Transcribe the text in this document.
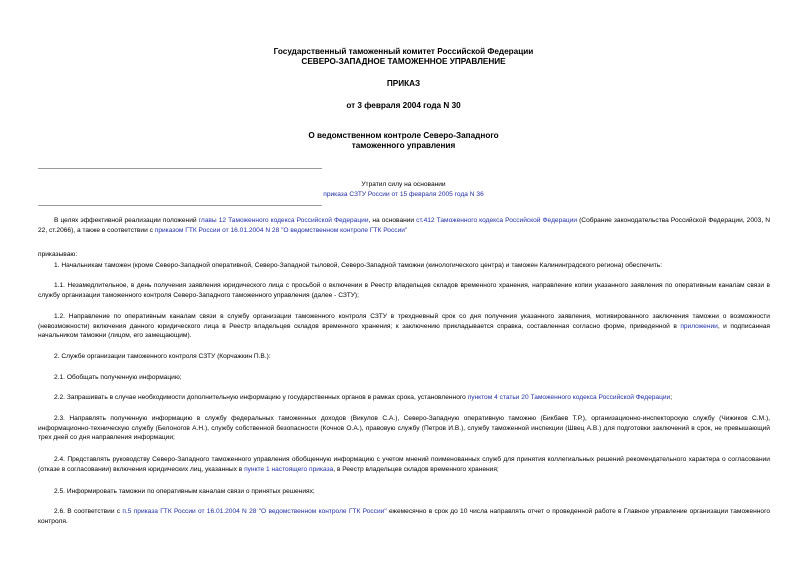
Государственный таможенный комитет Российской Федерации
СЕВЕРО-ЗАПАДНОЕ ТАМОЖЕННОЕ УПРАВЛЕНИЕ
ПРИКАЗ
от 3 февраля 2004 года N 30
О ведомственном контроле Северо-Западного
таможенного управления
Утратил силу на основании
приказа СЗТУ России от 15 февраля 2005 года N 36

В целях эффективной реализации положений главы 12 Таможенного кодекса Российской Федерации, на основании ст.412 Таможенного кодекса Российской Федерации (Собрание законодательства Российской Федерации, 2003, N 22, ст.2066), а также в соответствии с приказом ГТК России от 16.01.2004 N 28 "О ведомственном контроле ГТК России"

приказываю:

1. Начальникам таможен (кроме Северо-Западной оперативной, Северо-Западной тыловой, Северо-Западной таможни (кинологического центра) и таможен Калининградского региона) обеспечить:

1.1. Незамедлительное, в день получения заявления юридического лица с просьбой о включении в Реестр владельцев складов временного хранения, направление копии указанного заявления по оперативным каналам связи в службу организации таможенного контроля Северо-Западного таможенного управления (далее - СЗТУ);

1.2. Направление по оперативным каналам связи в службу организации таможенного контроля СЗТУ в трехдневный срок со дня получения указанного заявления, мотивированного заключения таможни о возможности (невозможности) включения данного юридического лица в Реестр владельцев складов временного хранения; к заключению прикладывается справка, составленная согласно форме, приведенной в приложении, и подписанная начальником таможни (лицом, его замещающим).

2. Службе организации таможенного контроля СЗТУ (Корчажкин П.В.):

2.1. Обобщать полученную информацию;

2.2. Запрашивать в случае необходимости дополнительную информацию у государственных органов в рамках срока, установленного пунктом 4 статьи 20 Таможенного кодекса Российской Федерации;

2.3. Направлять полученную информацию в службу федеральных таможенных доходов (Викулов С.А.), Северо-Западную оперативную таможню (Бикбаев Т.Р.), организационно-инспекторскую службу (Чижиков С.М.), информационно-техническую службу (Белоногов А.Н.), службу собственной безопасности (Кочнов О.А.), правовую службу (Петров И.В.), службу таможенной инспекции (Швец А.В.) для подготовки заключений в срок, не превышающий трех дней со дня направления информации;

2.4. Представлять руководству Северо-Западного таможенного управления обобщенную информацию с учетом мнений поименованных служб для принятия коллегиальных решений рекомендательного характера о согласовании (отказе в согласовании) включения юридических лиц, указанных в пункте 1 настоящего приказа, в Реестр владельцев складов временного хранения;

2.5. Информировать таможни по оперативным каналам связи о принятых решениях;

2.6. В соответствии с п.5 приказа ГТК России от 16.01.2004 N 28 "О ведомственном контроле ГТК России" ежемесячно в срок до 10 числа направлять отчет о проведенной работе в Главное управление организации таможенного контроля.
